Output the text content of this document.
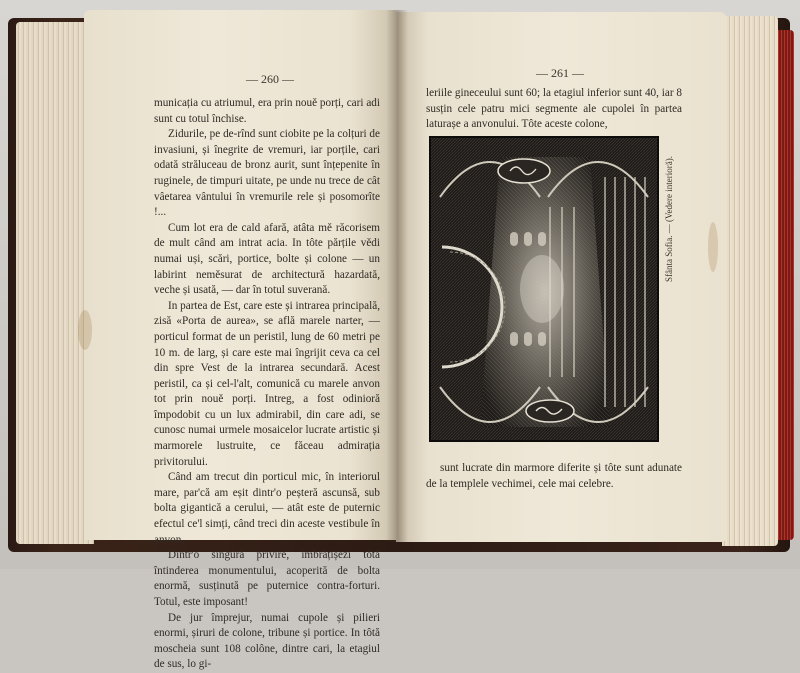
— 260 —

municația cu atriumul, era prin nouě porți, cari adi sunt cu totul închise.

Zidurile, pe de-rînd sunt ciobite pe la colțuri de invasiuni, și înegrite de vremuri, iar porțile, cari odată străluceau de bronz aurit, sunt înțepenite în ruginele, de timpuri uitate, pe unde nu trece de cât vâetarea vântului în vremurile rele și posomorîte !...

Cum lot era de cald afară, atâta mě răcorisem de mult când am intrat acia. In tôte părțile vědi numai uși, scări, portice, bolte și colone — un labirint neměsurat de architectură hazardată, veche și usată, — dar în totul suverană.

In partea de Est, care este și intrarea principală, zisă «Porta de aurea», se află marele narter, — porticul format de un peristil, lung de 60 metri pe 10 m. de larg, și care este mai îngrijit ceva ca cel din spre Vest de la intrarea secundară. Acest peristil, ca și cel-l'alt, comunică cu marele anvon tot prin nouě porți. Intreg, a fost odinioră împodobit cu un lux admirabil, din care adi, se cunosc numai urmele mosaicelor lucrate artistic și marmorele lustruite, ce făceau admirația privitorului.

Când am trecut din porticul mic, în interiorul mare, par'că am eșit dintr'o peșteră ascunsă, sub bolta gigantică a cerului, — atât este de puternic efectul ce'l simți, când treci din aceste vestibule în anvon.

Dintr'o singură privire, îmbrățișezi tôtă întinderea monumentului, acoperită de bolta enormă, susținută pe puternice contra-forturi. Totul, este imposant!

De jur împrejur, numai cupole și pilieri enormi, șiruri de colone, tribune și portice. In tôtă moscheia sunt 108 colône, dintre cari, la etagiul de sus, lo gi-

— 261 —

leriile gineceului sunt 60; la etagiul inferior sunt 40, iar 8 susțin cele patru mici segmente ale cupolei în partea laturașe a anvonului. Tôte aceste colone,

Sfânta Sofia. — (Vedere interioră).

sunt lucrate din marmore diferite și tôte sunt adunate de la templele vechimei, cele mai celebre.
